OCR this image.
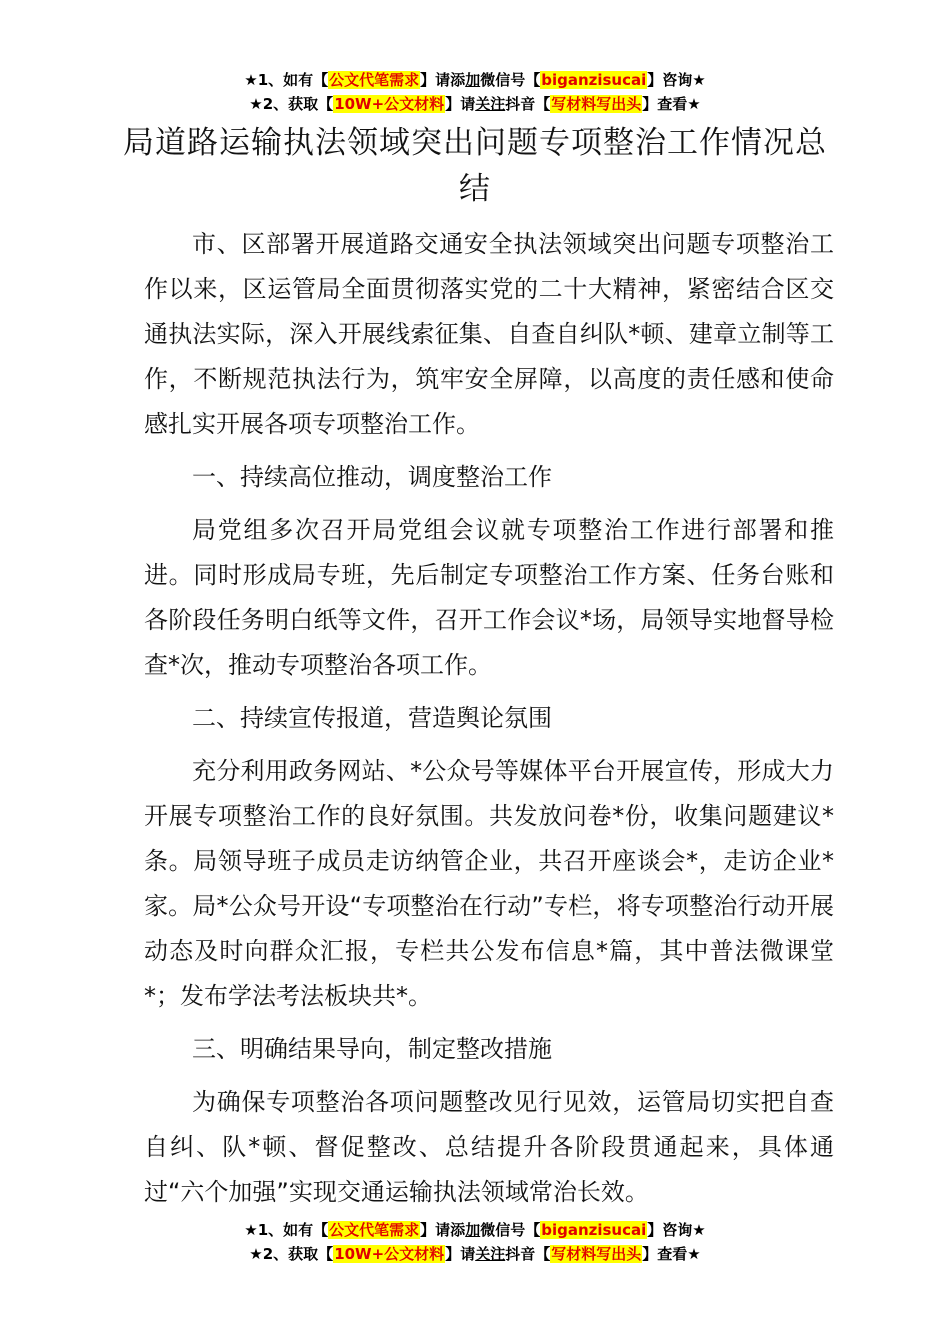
★1、如有【公文代笔需求】请添加微信号【biganzisucai】咨询★
★2、获取【10W+公文材料】请关注抖音【写材料写出头】查看★
局道路运输执法领域突出问题专项整治工作情况总结

市、区部署开展道路交通安全执法领域突出问题专项整治工作以来，区运管局全面贯彻落实党的二十大精神，紧密结合区交通执法实际，深入开展线索征集、自查自纠队*顿、建章立制等工作，不断规范执法行为，筑牢安全屏障，以高度的责任感和使命感扎实开展各项专项整治工作。

一、持续高位推动，调度整治工作

局党组多次召开局党组会议就专项整治工作进行部署和推进。同时形成局专班，先后制定专项整治工作方案、任务台账和各阶段任务明白纸等文件，召开工作会议*场，局领导实地督导检查*次，推动专项整治各项工作。

二、持续宣传报道，营造舆论氛围

充分利用政务网站、*公众号等媒体平台开展宣传，形成大力开展专项整治工作的良好氛围。共发放问卷*份，收集问题建议*条。局领导班子成员走访纳管企业，共召开座谈会*，走访企业*家。局*公众号开设“专项整治在行动”专栏，将专项整治行动开展动态及时向群众汇报，专栏共公发布信息*篇，其中普法微课堂*；发布学法考法板块共*。

三、明确结果导向，制定整改措施

为确保专项整治各项问题整改见行见效，运管局切实把自查自纠、队*顿、督促整改、总结提升各阶段贯通起来，具体通过“六个加强”实现交通运输执法领域常治长效。

★1、如有【公文代笔需求】请添加微信号【biganzisucai】咨询★
★2、获取【10W+公文材料】请关注抖音【写材料写出头】查看★
